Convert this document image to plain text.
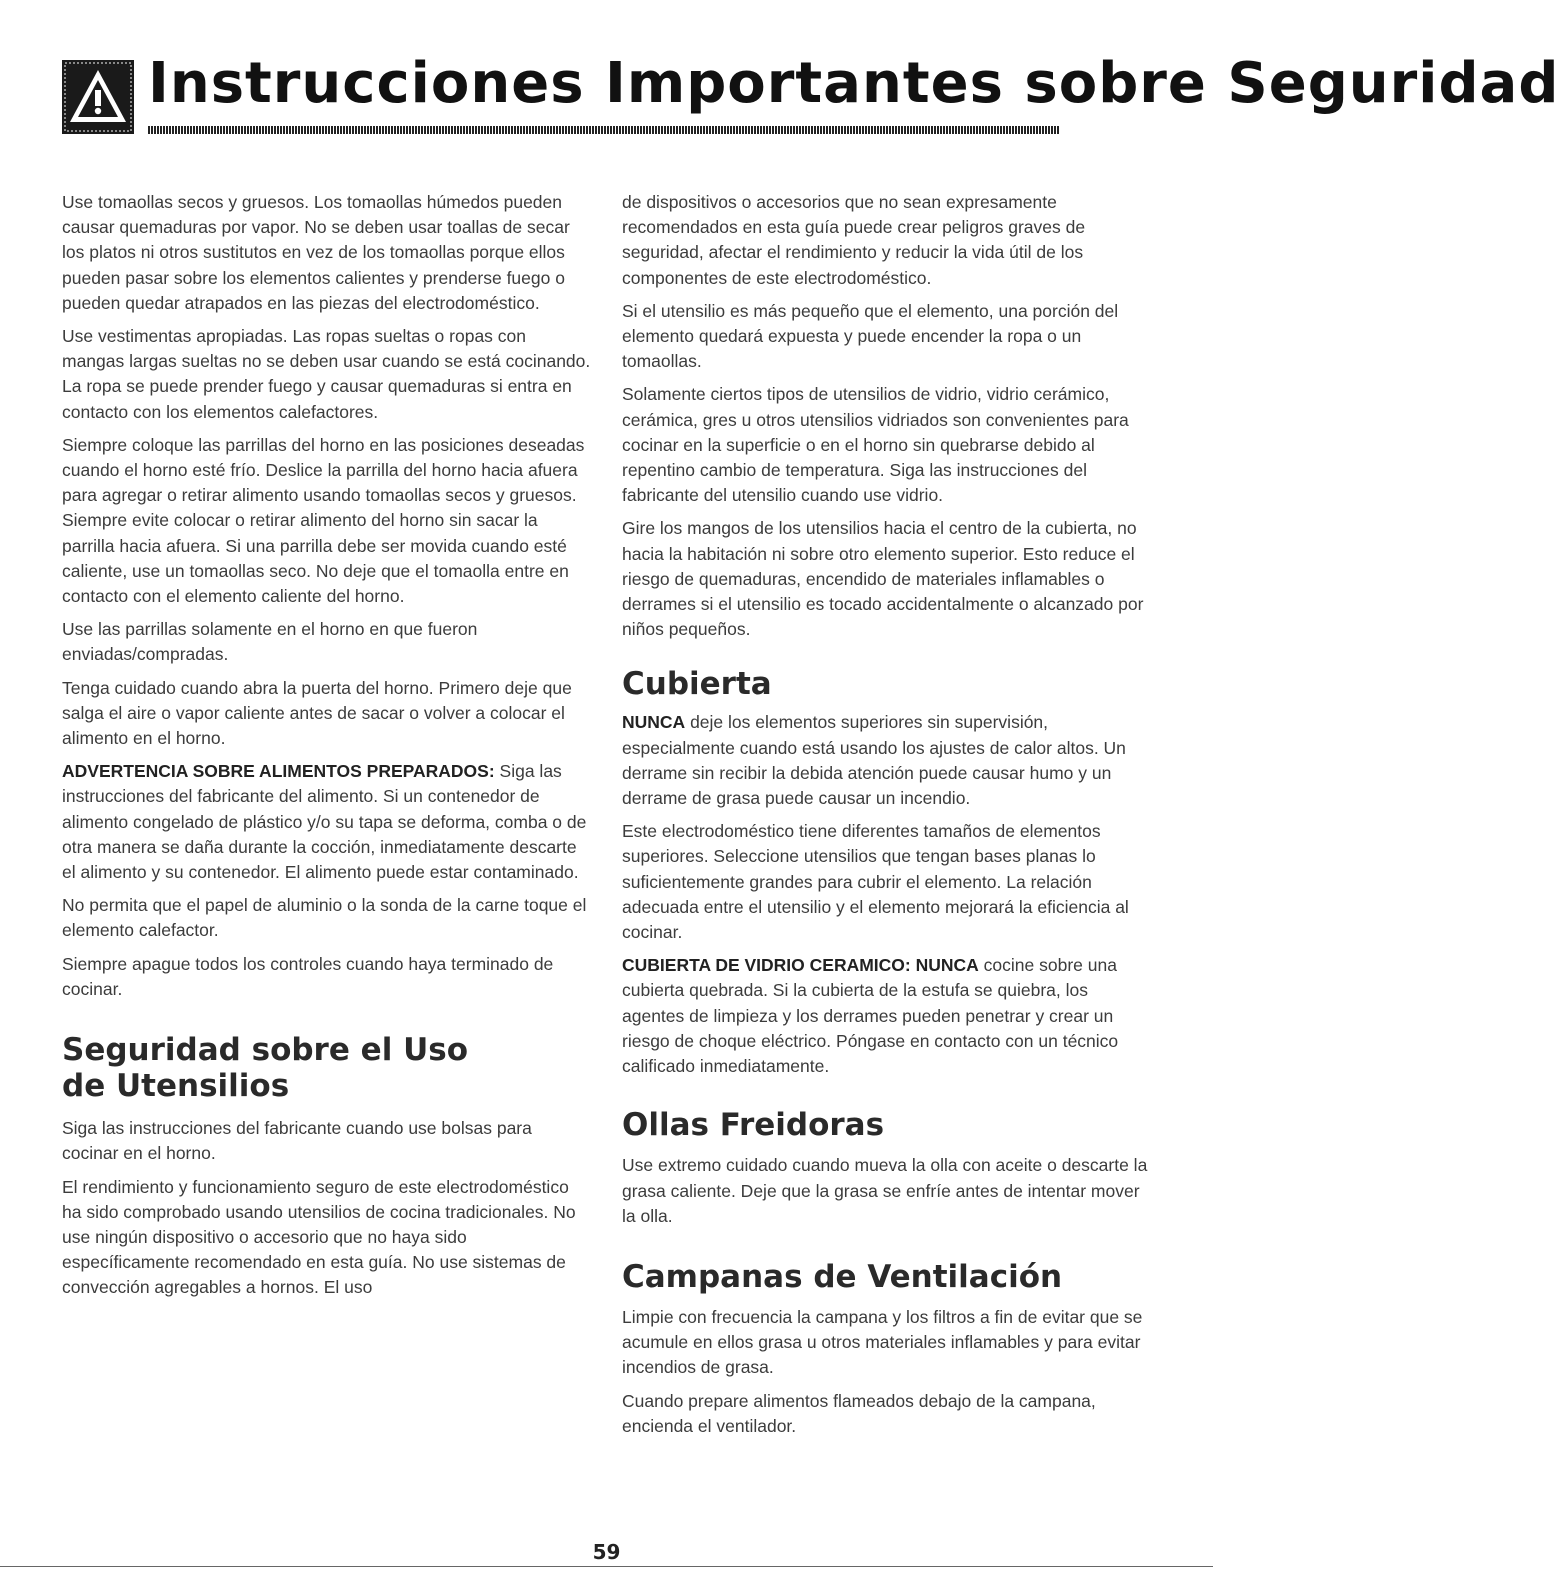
Instrucciones Importantes sobre Seguridad

Use tomaollas secos y gruesos. Los tomaollas húmedos pueden causar quemaduras por vapor. No se deben usar toallas de secar los platos ni otros sustitutos en vez de los tomaollas porque ellos pueden pasar sobre los elementos calientes y prenderse fuego o pueden quedar atrapados en las piezas del electrodoméstico.

Use vestimentas apropiadas. Las ropas sueltas o ropas con mangas largas sueltas no se deben usar cuando se está cocinando. La ropa se puede prender fuego y causar quemaduras si entra en contacto con los elementos calefactores.

Siempre coloque las parrillas del horno en las posiciones deseadas cuando el horno esté frío. Deslice la parrilla del horno hacia afuera para agregar o retirar alimento usando tomaollas secos y gruesos. Siempre evite colocar o retirar alimento del horno sin sacar la parrilla hacia afuera. Si una parrilla debe ser movida cuando esté caliente, use un tomaollas seco. No deje que el tomaolla entre en contacto con el elemento caliente del horno.

Use las parrillas solamente en el horno en que fueron enviadas/compradas.

Tenga cuidado cuando abra la puerta del horno. Primero deje que salga el aire o vapor caliente antes de sacar o volver a colocar el alimento en el horno.

ADVERTENCIA SOBRE ALIMENTOS PREPARADOS: Siga las instrucciones del fabricante del alimento. Si un contenedor de alimento congelado de plástico y/o su tapa se deforma, comba o de otra manera se daña durante la cocción, inmediatamente descarte el alimento y su contenedor. El alimento puede estar contaminado.

No permita que el papel de aluminio o la sonda de la carne toque el elemento calefactor.

Siempre apague todos los controles cuando haya terminado de cocinar.

Seguridad sobre el Uso
de Utensilios

Siga las instrucciones del fabricante cuando use bolsas para cocinar en el horno.

El rendimiento y funcionamiento seguro de este electrodoméstico ha sido comprobado usando utensilios de cocina tradicionales. No use ningún dispositivo o accesorio que no haya sido específicamente recomendado en esta guía. No use sistemas de convección agregables a hornos. El uso

de dispositivos o accesorios que no sean expresamente recomendados en esta guía puede crear peligros graves de seguridad, afectar el rendimiento y reducir la vida útil de los componentes de este electrodoméstico.

Si el utensilio es más pequeño que el elemento, una porción del elemento quedará expuesta y puede encender la ropa o un tomaollas.

Solamente ciertos tipos de utensilios de vidrio, vidrio cerámico, cerámica, gres u otros utensilios vidriados son convenientes para cocinar en la superficie o en el horno sin quebrarse debido al repentino cambio de temperatura. Siga las instrucciones del fabricante del utensilio cuando use vidrio.

Gire los mangos de los utensilios hacia el centro de la cubierta, no hacia la habitación ni sobre otro elemento superior. Esto reduce el riesgo de quemaduras, encendido de materiales inflamables o derrames si el utensilio es tocado accidentalmente o alcanzado por niños pequeños.

Cubierta

NUNCA deje los elementos superiores sin supervisión, especialmente cuando está usando los ajustes de calor altos. Un derrame sin recibir la debida atención puede causar humo y un derrame de grasa puede causar un incendio.

Este electrodoméstico tiene diferentes tamaños de elementos superiores. Seleccione utensilios que tengan bases planas lo suficientemente grandes para cubrir el elemento. La relación adecuada entre el utensilio y el elemento mejorará la eficiencia al cocinar.

CUBIERTA DE VIDRIO CERAMICO: NUNCA cocine sobre una cubierta quebrada. Si la cubierta de la estufa se quiebra, los agentes de limpieza y los derrames pueden penetrar y crear un riesgo de choque eléctrico. Póngase en contacto con un técnico calificado inmediatamente.

Ollas Freidoras

Use extremo cuidado cuando mueva la olla con aceite o descarte la grasa caliente. Deje que la grasa se enfríe antes de intentar mover la olla.

Campanas de Ventilación

Limpie con frecuencia la campana y los filtros a fin de evitar que se acumule en ellos grasa u otros materiales inflamables y para evitar incendios de grasa.

Cuando prepare alimentos flameados debajo de la campana, encienda el ventilador.

59
